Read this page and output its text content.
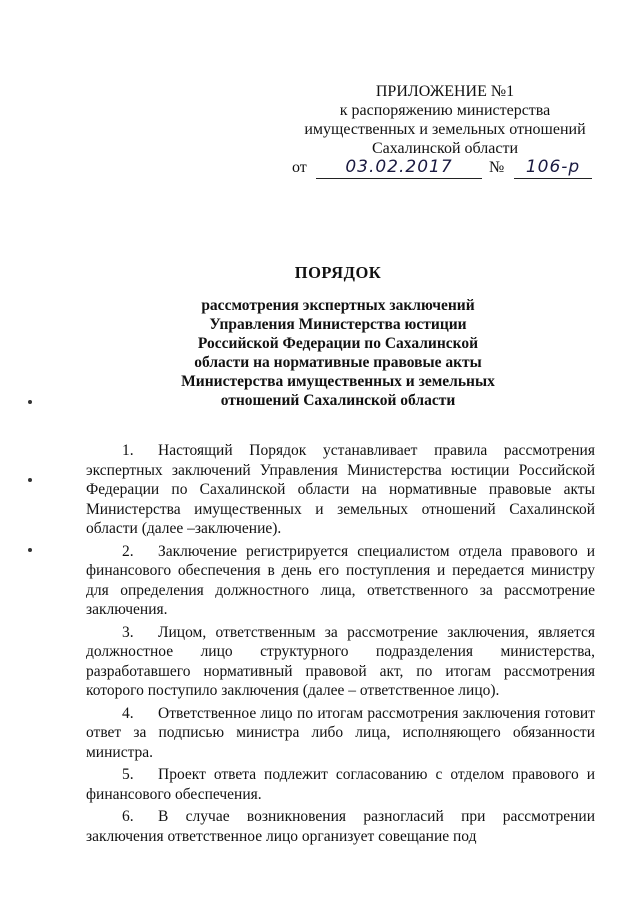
ПРИЛОЖЕНИЕ №1
к распоряжению министерства
имущественных и земельных отношений
Сахалинской области
от	03.02.2017	№	106-р
ПОРЯДОК
рассмотрения экспертных заключений
Управления Министерства юстиции
Российской Федерации по Сахалинской
области на нормативные правовые акты
Министерства имущественных и земельных
отношений Сахалинской области

1. Настоящий Порядок устанавливает правила рассмотрения экспертных заключений Управления Министерства юстиции Российской Федерации по Сахалинской области на нормативные правовые акты Министерства имущественных и земельных отношений Сахалинской области (далее –заключение).

2. Заключение регистрируется специалистом отдела правового и финансового обеспечения в день его поступления и передается министру для определения должностного лица, ответственного за рассмотрение заключения.

3. Лицом, ответственным за рассмотрение заключения, является должностное лицо структурного подразделения министерства, разработавшего нормативный правовой акт, по итогам рассмотрения которого поступило заключения (далее – ответственное лицо).

4. Ответственное лицо по итогам рассмотрения заключения готовит ответ за подписью министра либо лица, исполняющего обязанности министра.

5. Проект ответа подлежит согласованию с отделом правового и финансового обеспечения.

6. В случае возникновения разногласий при рассмотрении заключения ответственное лицо организует совещание под
